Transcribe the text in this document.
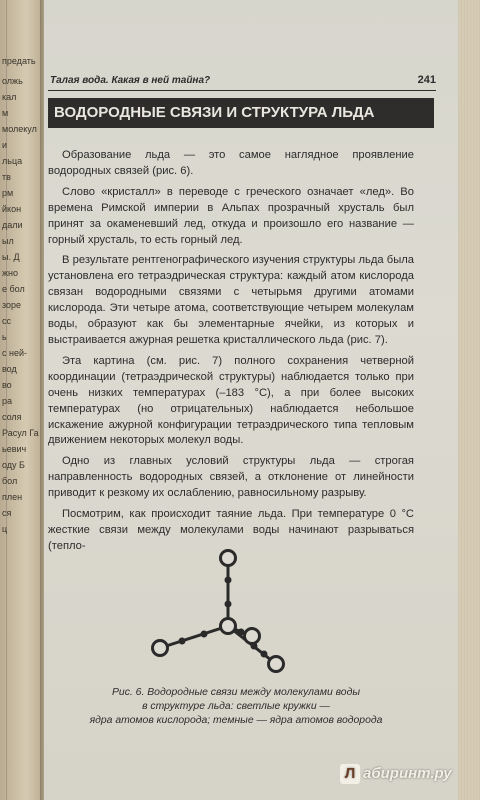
предать
олжь
кал
м
молекул
и
льца
тв
рм
йкон
дали
ыл
ы. Д
жно
е бол
зоре
сс
ь
с ней-
вод
во
ра
соля
Расул Га
ьевич
оду Б
бол
плен
ся
ц
Талая вода. Какая в ней тайна?	241
ВОДОРОДНЫЕ СВЯЗИ И СТРУКТУРА ЛЬДА

Образование льда — это самое наглядное проявление водородных связей (рис. 6).

Слово «кристалл» в переводе с греческого означает «лед». Во времена Римской империи в Альпах прозрачный хрусталь был принят за окаменевший лед, откуда и произошло его название — горный хрусталь, то есть горный лед.

В результате рентгенографического изучения структуры льда была установлена его тетраэдрическая структура: каждый атом кислорода связан водородными связями с четырьмя другими атомами кислорода. Эти четыре атома, соответствующие четырем молекулам воды, образуют как бы элементарные ячейки, из которых и выстраивается ажурная решетка кристаллического льда (рис. 7).

Эта картина (см. рис. 7) полного сохранения четверной координации (тетраэдрической структуры) наблюдается только при очень низких температурах (–183 °С), а при более высоких температурах (но отрицательных) наблюдается небольшое искажение ажурной конфигурации тетраэдрического типа тепловым движением некоторых молекул воды.

Одно из главных условий структуры льда — строгая направленность водородных связей, а отклонение от линейности приводит к резкому их ослаблению, равносильному разрыву.

Посмотрим, как происходит таяние льда. При температуре 0 °С жесткие связи между молекулами воды начинают разрываться (тепло-

Рис. 6. Водородные связи между молекулами воды
в структуре льда: светлые кружки —
ядра атомов кислорода; темные — ядра атомов водорода
Л абиринт.ру
